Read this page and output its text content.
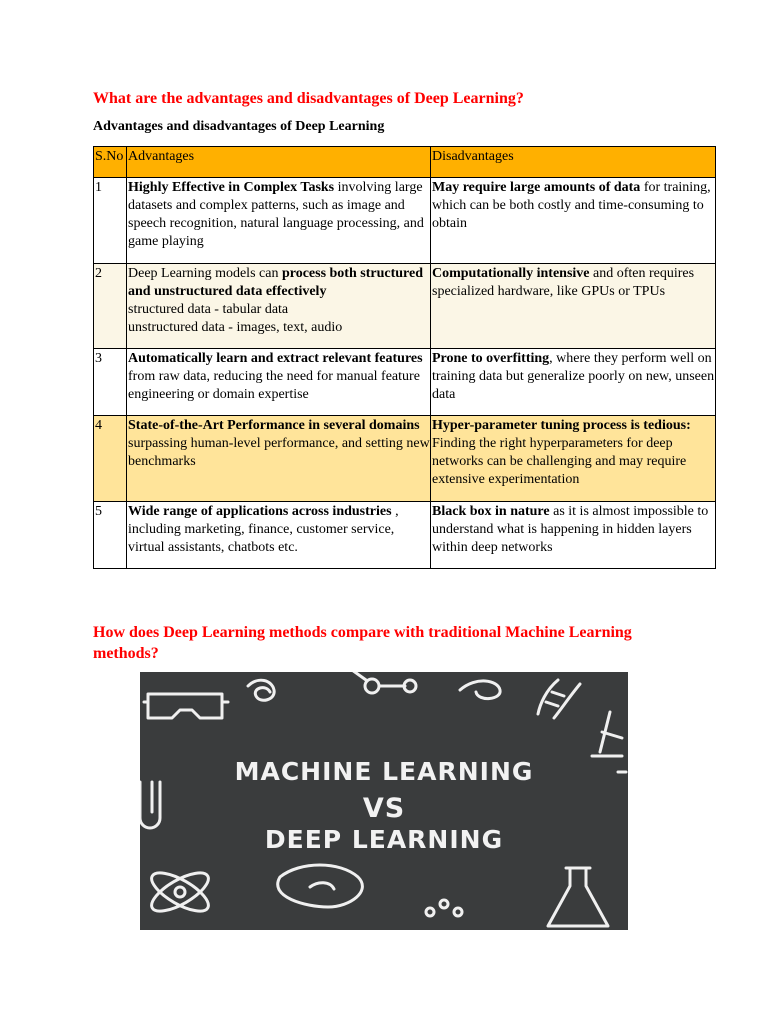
What are the advantages and disadvantages of Deep Learning?

Advantages and disadvantages of Deep Learning

S.No	Advantages	Disadvantages
1	Highly Effective in Complex Tasks involving large datasets and complex patterns, such as image and speech recognition, natural language processing, and game playing	May require large amounts of data for training, which can be both costly and time-consuming to obtain
2	Deep Learning models can process both structured and unstructured data effectively
structured data - tabular data
unstructured data - images, text, audio	Computationally intensive and often requires specialized hardware, like GPUs or TPUs
3	Automatically learn and extract relevant features from raw data, reducing the need for manual feature engineering or domain expertise	Prone to overfitting, where they perform well on training data but generalize poorly on new, unseen data
4	State-of-the-Art Performance in several domains surpassing human-level performance, and setting new benchmarks	Hyper-parameter tuning process is tedious: Finding the right hyperparameters for deep networks can be challenging and may require extensive experimentation
5	Wide range of applications across industries , including marketing, finance, customer service, virtual assistants, chatbots etc.	Black box in nature as it is almost impossible to understand what is happening in hidden layers within deep networks
How does Deep Learning methods compare with traditional Machine Learning methods?
MACHINE LEARNING
VS
DEEP LEARNING
